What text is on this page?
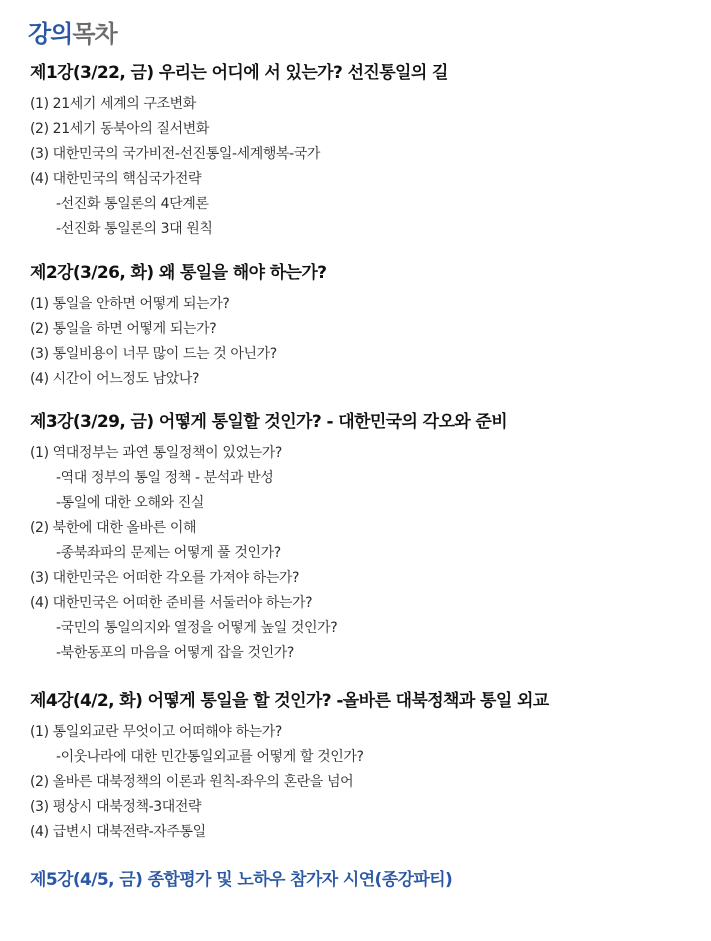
강의목차
제1강(3/22, 금) 우리는 어디에 서 있는가? 선진통일의 길
(1) 21세기 세계의 구조변화
(2) 21세기 동북아의 질서변화
(3) 대한민국의 국가비전-선진통일-세계행복-국가
(4) 대한민국의 핵심국가전략
-선진화 통일론의 4단계론
-선진화 통일론의 3대 원칙
제2강(3/26, 화) 왜 통일을 해야 하는가?
(1) 통일을 안하면 어떻게 되는가?
(2) 통일을 하면 어떻게 되는가?
(3) 통일비용이 너무 많이 드는 것 아닌가?
(4) 시간이 어느정도 남았나?
제3강(3/29, 금) 어떻게 통일할 것인가? - 대한민국의 각오와 준비
(1) 역대정부는 과연 통일정책이 있었는가?
-역대 정부의 통일 정책 - 분석과 반성
-통일에 대한 오해와 진실
(2) 북한에 대한 올바른 이해
-종북좌파의 문제는 어떻게 풀 것인가?
(3) 대한민국은 어떠한 각오를 가져야 하는가?
(4) 대한민국은 어떠한 준비를 서둘러야 하는가?
-국민의 통일의지와 열정을 어떻게 높일 것인가?
-북한동포의 마음을 어떻게 잡을 것인가?
제4강(4/2, 화) 어떻게 통일을 할 것인가? -올바른 대북정책과 통일 외교
(1) 통일외교란 무엇이고 어떠해야 하는가?
-이웃나라에 대한 민간통일외교를 어떻게 할 것인가?
(2) 올바른 대북정책의 이론과 원칙-좌우의 혼란을 넘어
(3) 평상시 대북정책-3대전략
(4) 급변시 대북전략-자주통일
제5강(4/5, 금) 종합평가 및 노하우 참가자 시연(종강파티)
